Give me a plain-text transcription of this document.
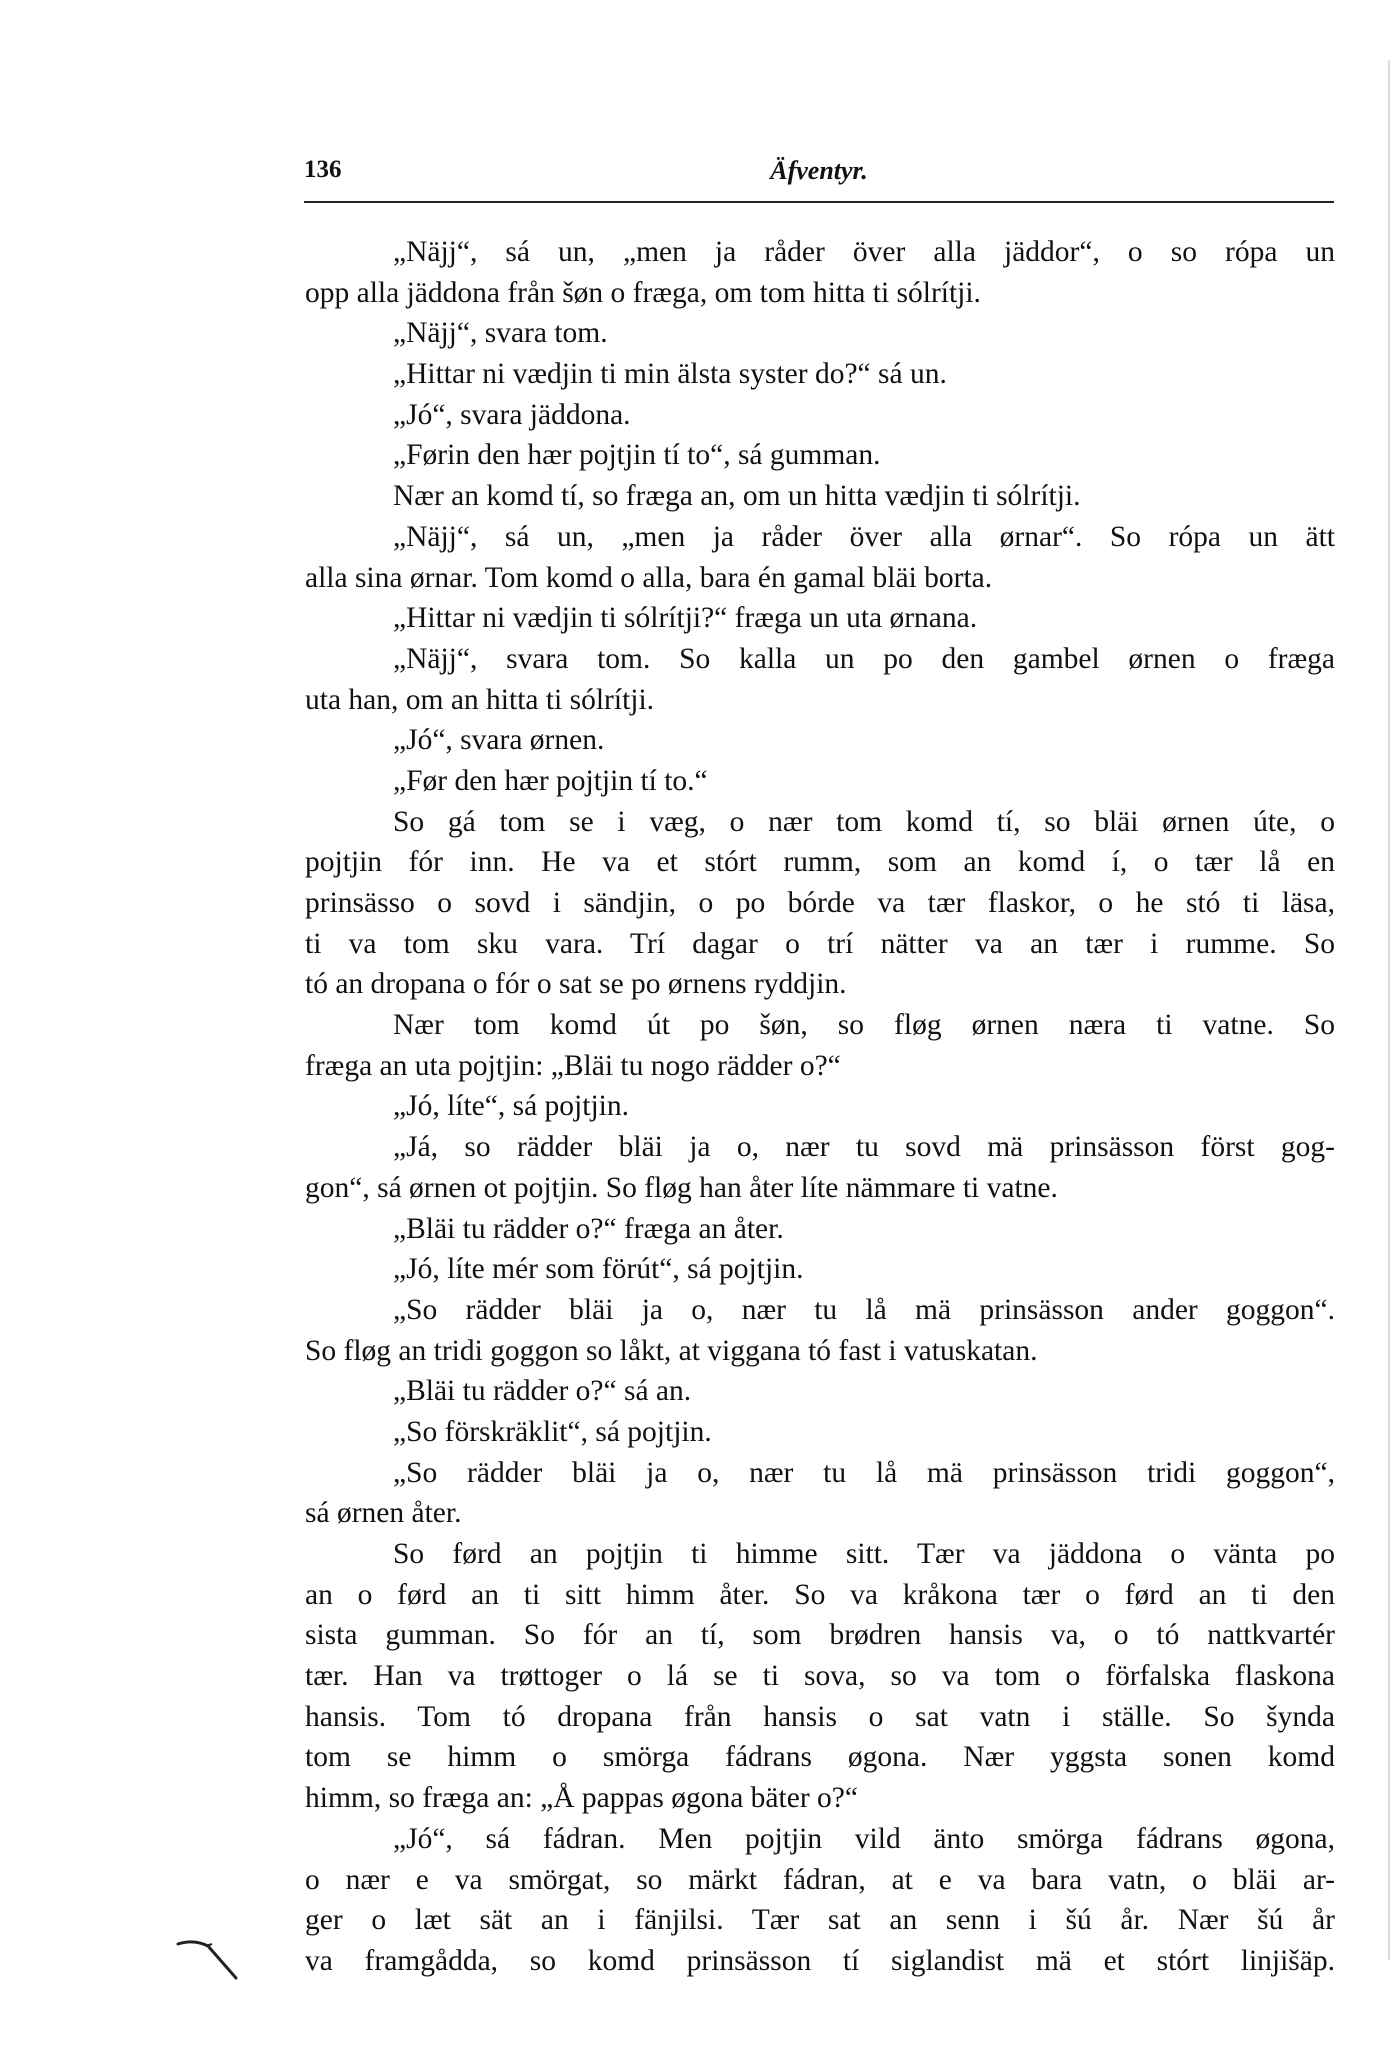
136	Äfventyr.
„Näjj“, sá un, „men ja råder över alla jäddor“, o so rópa un
opp alla jäddona från šøn o fræga, om tom hitta ti sólrítji.
„Näjj“, svara tom.
„Hittar ni vædjin ti min älsta syster do?“ sá un.
„Jó“, svara jäddona.
„Førin den hær pojtjin tí to“, sá gumman.
Nær an komd tí, so fræga an, om un hitta vædjin ti sólrítji.
„Näjj“, sá un, „men ja råder över alla ørnar“. So rópa un ätt
alla sina ørnar. Tom komd o alla, bara én gamal bläi borta.
„Hittar ni vædjin ti sólrítji?“ fræga un uta ørnana.
„Näjj“, svara tom. So kalla un po den gambel ørnen o fræga
uta han, om an hitta ti sólrítji.
„Jó“, svara ørnen.
„Før den hær pojtjin tí to.“
So gá tom se i væg, o nær tom komd tí, so bläi ørnen úte, o
pojtjin fór inn. He va et stórt rumm, som an komd í, o tær lå en
prinsässo o sovd i sändjin, o po bórde va tær flaskor, o he stó ti läsa,
ti va tom sku vara. Trí dagar o trí nätter va an tær i rumme. So
tó an dropana o fór o sat se po ørnens ryddjin.
Nær tom komd út po šøn, so fløg ørnen næra ti vatne. So
fræga an uta pojtjin: „Bläi tu nogo rädder o?“
„Jó, líte“, sá pojtjin.
„Já, so rädder bläi ja o, nær tu sovd mä prinsässon först gog-
gon“, sá ørnen ot pojtjin. So fløg han åter líte nämmare ti vatne.
„Bläi tu rädder o?“ fræga an åter.
„Jó, líte mér som förút“, sá pojtjin.
„So rädder bläi ja o, nær tu lå mä prinsässon ander goggon“.
So fløg an tridi goggon so låkt, at viggana tó fast i vatuskatan.
„Bläi tu rädder o?“ sá an.
„So förskräklit“, sá pojtjin.
„So rädder bläi ja o, nær tu lå mä prinsässon tridi goggon“,
sá ørnen åter.
So førd an pojtjin ti himme sitt. Tær va jäddona o vänta po
an o førd an ti sitt himm åter. So va kråkona tær o førd an ti den
sista gumman. So fór an tí, som brødren hansis va, o tó nattkvartér
tær. Han va trøttoger o lá se ti sova, so va tom o förfalska flaskona
hansis. Tom tó dropana från hansis o sat vatn i ställe. So šynda
tom se himm o smörga fádrans øgona. Nær yggsta sonen komd
himm, so fræga an: „Å pappas øgona bäter o?“
„Jó“, sá fádran. Men pojtjin vild änto smörga fádrans øgona,
o nær e va smörgat, so märkt fádran, at e va bara vatn, o bläi ar-
ger o læt sät an i fänjilsi. Tær sat an senn i šú år. Nær šú år
va framgådda, so komd prinsässon tí siglandist mä et stórt linjišäp.
